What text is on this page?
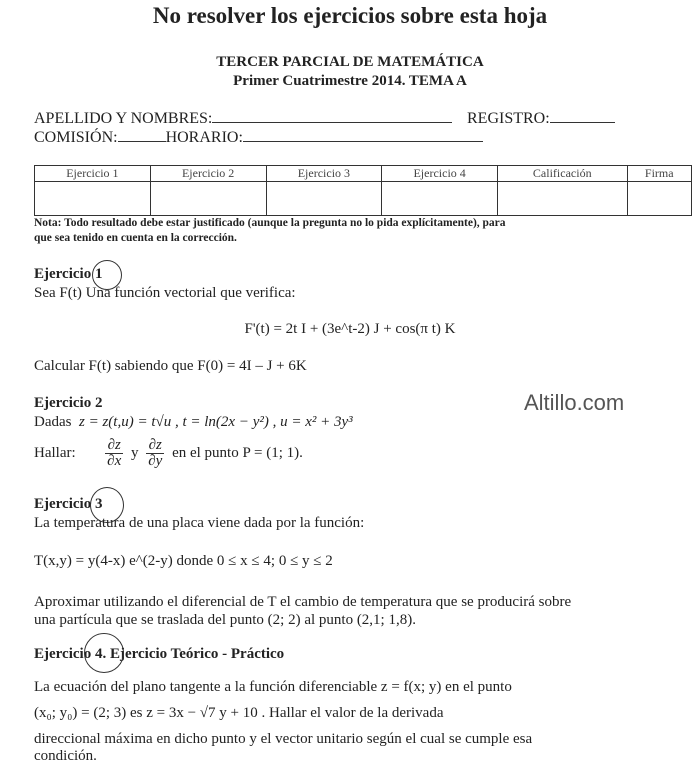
No resolver los ejercicios sobre esta hoja
TERCER PARCIAL DE MATEMÁTICA
Primer Cuatrimestre 2014. TEMA A
APELLIDO Y NOMBRES:	REGISTRO:
COMISIÓN:	HORARIO:
Ejercicio 1	Ejercicio 2	Ejercicio 3	Ejercicio 4	Calificación	Firma

Nota: Todo resultado debe estar justificado (aunque la pregunta no lo pida explícitamente), para
que sea tenido en cuenta en la corrección.
Ejercicio 1
Sea F(t) Una función vectorial que verifica:
F'(t) = 2t I + (3e^t-2) J + cos(π t) K
Calcular F(t) sabiendo que F(0) = 4I – J + 6K
Altillo.com
Ejercicio 2
Dadas z = z(t,u) = t√u , t = ln(2x − y²) , u = x² + 3y³
Hallar: $\frac{\partial z}{\partial x}$ y $\frac{\partial z}{\partial y}$ en el punto P = (1; 1).
Ejercicio 3
La temperatura de una placa viene dada por la función:
T(x,y) = y(4-x) e^(2-y) donde 0 ≤ x ≤ 4; 0 ≤ y ≤ 2
Aproximar utilizando el diferencial de T el cambio de temperatura que se producirá sobre
una partícula que se traslada del punto (2; 2) al punto (2,1; 1,8).
Ejercicio 4. Ejercicio Teórico - Práctico
La ecuación del plano tangente a la función diferenciable z = f(x; y) en el punto
(x₀; y₀) = (2; 3) es z = 3x − √7 y + 10 . Hallar el valor de la derivada
direccional máxima en dicho punto y el vector unitario según el cual se cumple esa
condición.
